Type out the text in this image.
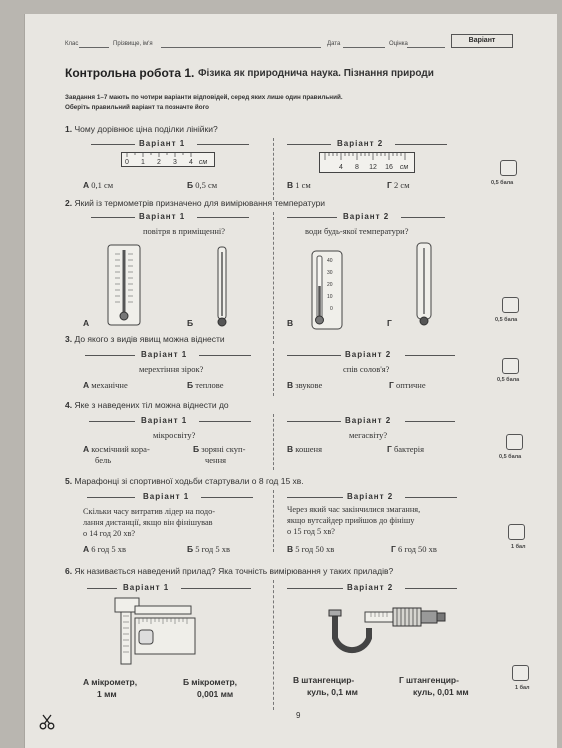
Клас	Прізвище, ім'я	Дата	Оцінка	Варіант
Контрольна робота 1. Фізика як природнича наука. Пізнання природи
Завдання 1–7 мають по чотири варіанти відповідей, серед яких лише один правильний.
Оберіть правильний варіант та позначте його
1. Чому дорівнює ціна поділки лінійки?
Варіант 1	Варіант 2
0 1 2 3 4 см
4 8 12 16 см
А 0,1 см	Б 0,5 см	В 1 см	Г 2 см	0,5 бала
2. Який із термометрів призначено для вимірювання температури
Варіант 1	Варіант 2
повітря в приміщенні?	води будь-якої температури?
40
30
20
10
0
А	Б	В	Г	0,5 бала
3. До якого з видів явищ можна віднести
Варіант 1	Варіант 2
мерехтіння зірок?	спів солов'я?
А механічне	Б теплове	В звукове	Г оптичне	0,5 бала
4. Яке з наведених тіл можна віднести до
Варіант 1	Варіант 2
мікросвіту?	мегасвіту?
А космічний кора-
бель
Б зоряні скуп-
чення
В кошеня	Г бактерія
0,5 бала
5. Марафонці зі спортивної ходьби стартували о 8 год 15 хв.
Варіант 1	Варіант 2
Скільки часу витратив лідер на подо-
лання дистанції, якщо він фінішував
о 14 год 20 хв?
Через який час закінчилися змагання,
якщо вутсайдер прийшов до фінішу
о 15 год 5 хв?
А 6 год 5 хв	Б 5 год 5 хв	В 5 год 50 хв	Г 6 год 50 хв	1 бал
6. Як називається наведений прилад? Яка точність вимірювання у таких приладів?
Варіант 1	Варіант 2
А мікрометр,
1 мм
Б мікрометр,
0,001 мм
В штангенцир-
куль, 0,1 мм
Г штангенцир-
куль, 0,01 мм	1 бал
9
